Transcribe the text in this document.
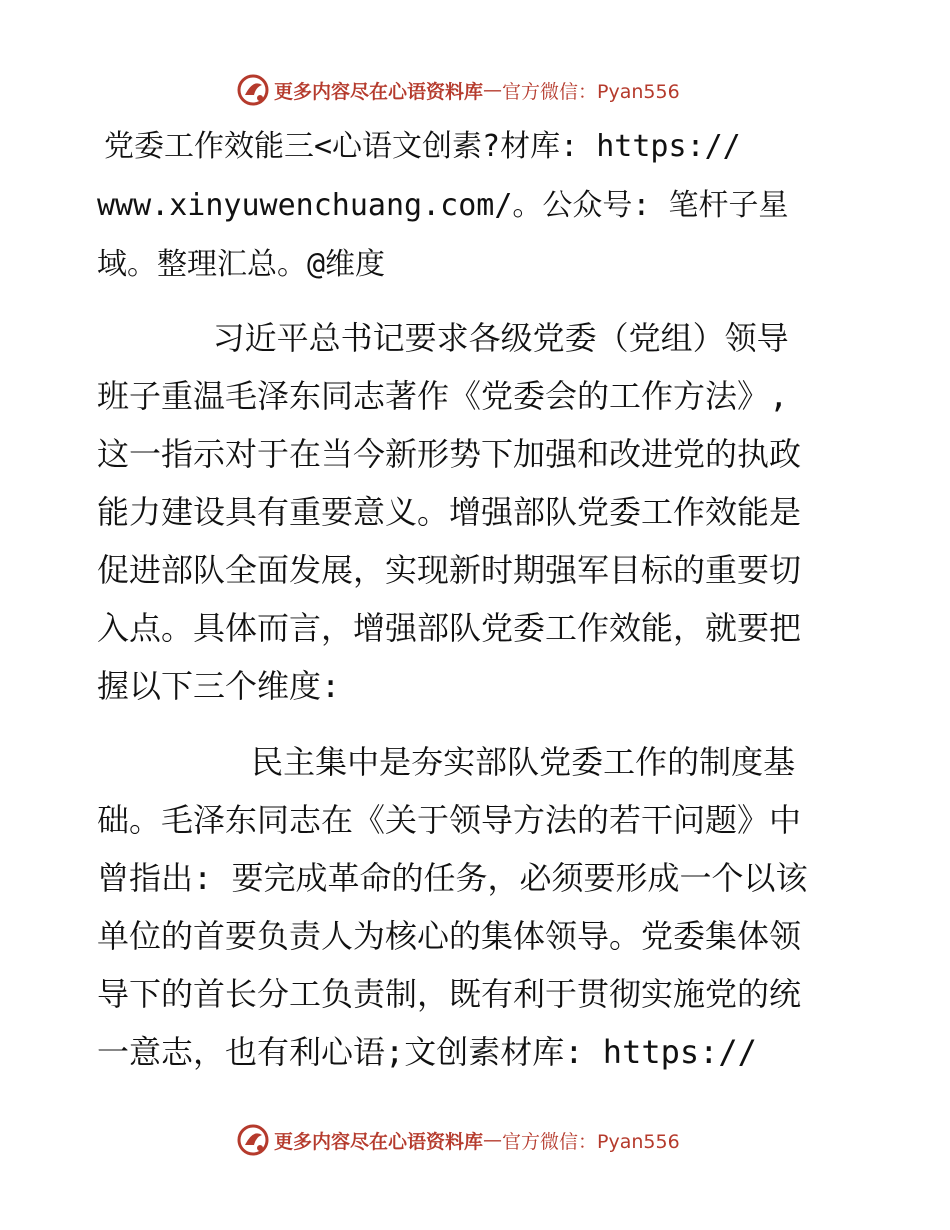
更多内容尽在心语资料库 — 官方微信：Pyan556
党委工作效能三<心语文创素?材库: https://
www.xinyuwenchuang.com/。公众号: 笔杆子星
域。整理汇总。@维度
习近平总书记要求各级党委（党组）领导
班子重温毛泽东同志著作《党委会的工作方法》,
这一指示对于在当今新形势下加强和改进党的执政
能力建设具有重要意义。增强部队党委工作效能是
促进部队全面发展，实现新时期强军目标的重要切
入点。具体而言，增强部队党委工作效能，就要把
握以下三个维度:
民主集中是夯实部队党委工作的制度基
础。毛泽东同志在《关于领导方法的若干问题》中
曾指出: 要完成革命的任务，必须要形成一个以该
单位的首要负责人为核心的集体领导。党委集体领
导下的首长分工负责制，既有利于贯彻实施党的统
一意志，也有利心语;文创素材库: https://
更多内容尽在心语资料库 — 官方微信：Pyan556
